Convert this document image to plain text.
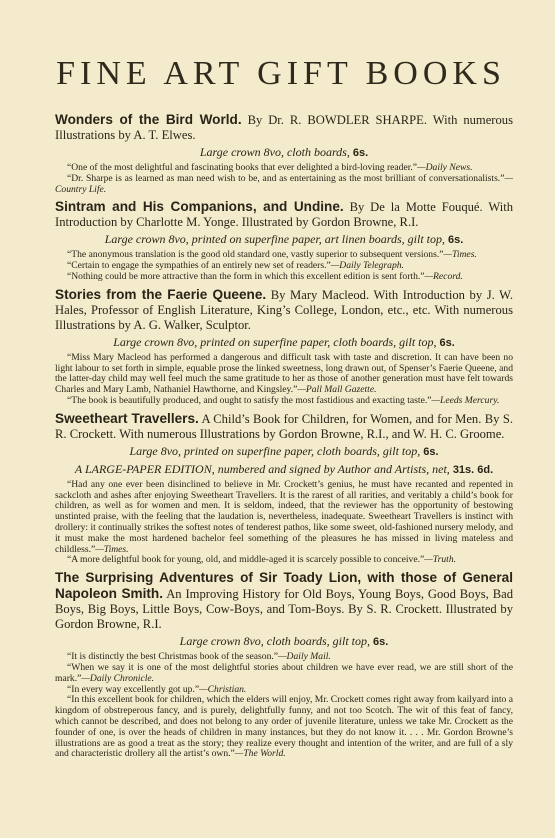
FINE ART GIFT BOOKS

Wonders of the Bird World. By Dr. R. BOWDLER SHARPE. With numerous Illustrations by A. T. Elwes.

Large crown 8vo, cloth boards, 6s.

“One of the most delightful and fascinating books that ever delighted a bird-loving reader.”—Daily News.

“Dr. Sharpe is as learned as man need wish to be, and as entertaining as the most brilliant of conversationalists.”—Country Life.

Sintram and His Companions, and Undine. By De la Motte Fouqué. With Introduction by Charlotte M. Yonge. Illustrated by Gordon Browne, R.I.

Large crown 8vo, printed on superfine paper, art linen boards, gilt top, 6s.

“The anonymous translation is the good old standard one, vastly superior to subsequent versions.”—Times.

“Certain to engage the sympathies of an entirely new set of readers.”—Daily Telegraph.

“Nothing could be more attractive than the form in which this excellent edition is sent forth.”—Record.

Stories from the Faerie Queene. By Mary Macleod. With Introduction by J. W. Hales, Professor of English Literature, King’s College, London, etc., etc. With numerous Illustrations by A. G. Walker, Sculptor.

Large crown 8vo, printed on superfine paper, cloth boards, gilt top, 6s.

“Miss Mary Macleod has performed a dangerous and difficult task with taste and discretion. It can have been no light labour to set forth in simple, equable prose the linked sweetness, long drawn out, of Spenser’s Faerie Queene, and the latter-day child may well feel much the same gratitude to her as those of another generation must have felt towards Charles and Mary Lamb, Nathaniel Hawthorne, and Kingsley.”—Pall Mall Gazette.

“The book is beautifully produced, and ought to satisfy the most fastidious and exacting taste.”—Leeds Mercury.

Sweetheart Travellers. A Child’s Book for Children, for Women, and for Men. By S. R. Crockett. With numerous Illustrations by Gordon Browne, R.I., and W. H. C. Groome.

Large 8vo, printed on superfine paper, cloth boards, gilt top, 6s.

A LARGE-PAPER EDITION, numbered and signed by Author and Artists, net, 31s. 6d.

“Had any one ever been disinclined to believe in Mr. Crockett’s genius, he must have recanted and repented in sackcloth and ashes after enjoying Sweetheart Travellers. It is the rarest of all rarities, and veritably a child’s book for children, as well as for women and men. It is seldom, indeed, that the reviewer has the opportunity of bestowing unstinted praise, with the feeling that the laudation is, nevertheless, inadequate. Sweetheart Travellers is instinct with drollery: it continually strikes the softest notes of tenderest pathos, like some sweet, old-fashioned nursery melody, and it must make the most hardened bachelor feel something of the pleasures he has missed in living mateless and childless.”—Times.

“A more delightful book for young, old, and middle-aged it is scarcely possible to conceive.”—Truth.

The Surprising Adventures of Sir Toady Lion, with those of General Napoleon Smith. An Improving History for Old Boys, Young Boys, Good Boys, Bad Boys, Big Boys, Little Boys, Cow-Boys, and Tom-Boys. By S. R. Crockett. Illustrated by Gordon Browne, R.I.

Large crown 8vo, cloth boards, gilt top, 6s.

“It is distinctly the best Christmas book of the season.”—Daily Mail.

“When we say it is one of the most delightful stories about children we have ever read, we are still short of the mark.”—Daily Chronicle.

“In every way excellently got up.”—Christian.

“In this excellent book for children, which the elders will enjoy, Mr. Crockett comes right away from kailyard into a kingdom of obstreperous fancy, and is purely, delightfully funny, and not too Scotch. The wit of this feat of fancy, which cannot be described, and does not belong to any order of juvenile literature, unless we take Mr. Crockett as the founder of one, is over the heads of children in many instances, but they do not know it. . . . Mr. Gordon Browne’s illustrations are as good a treat as the story; they realize every thought and intention of the writer, and are full of a sly and characteristic drollery all the artist’s own.”—The World.
